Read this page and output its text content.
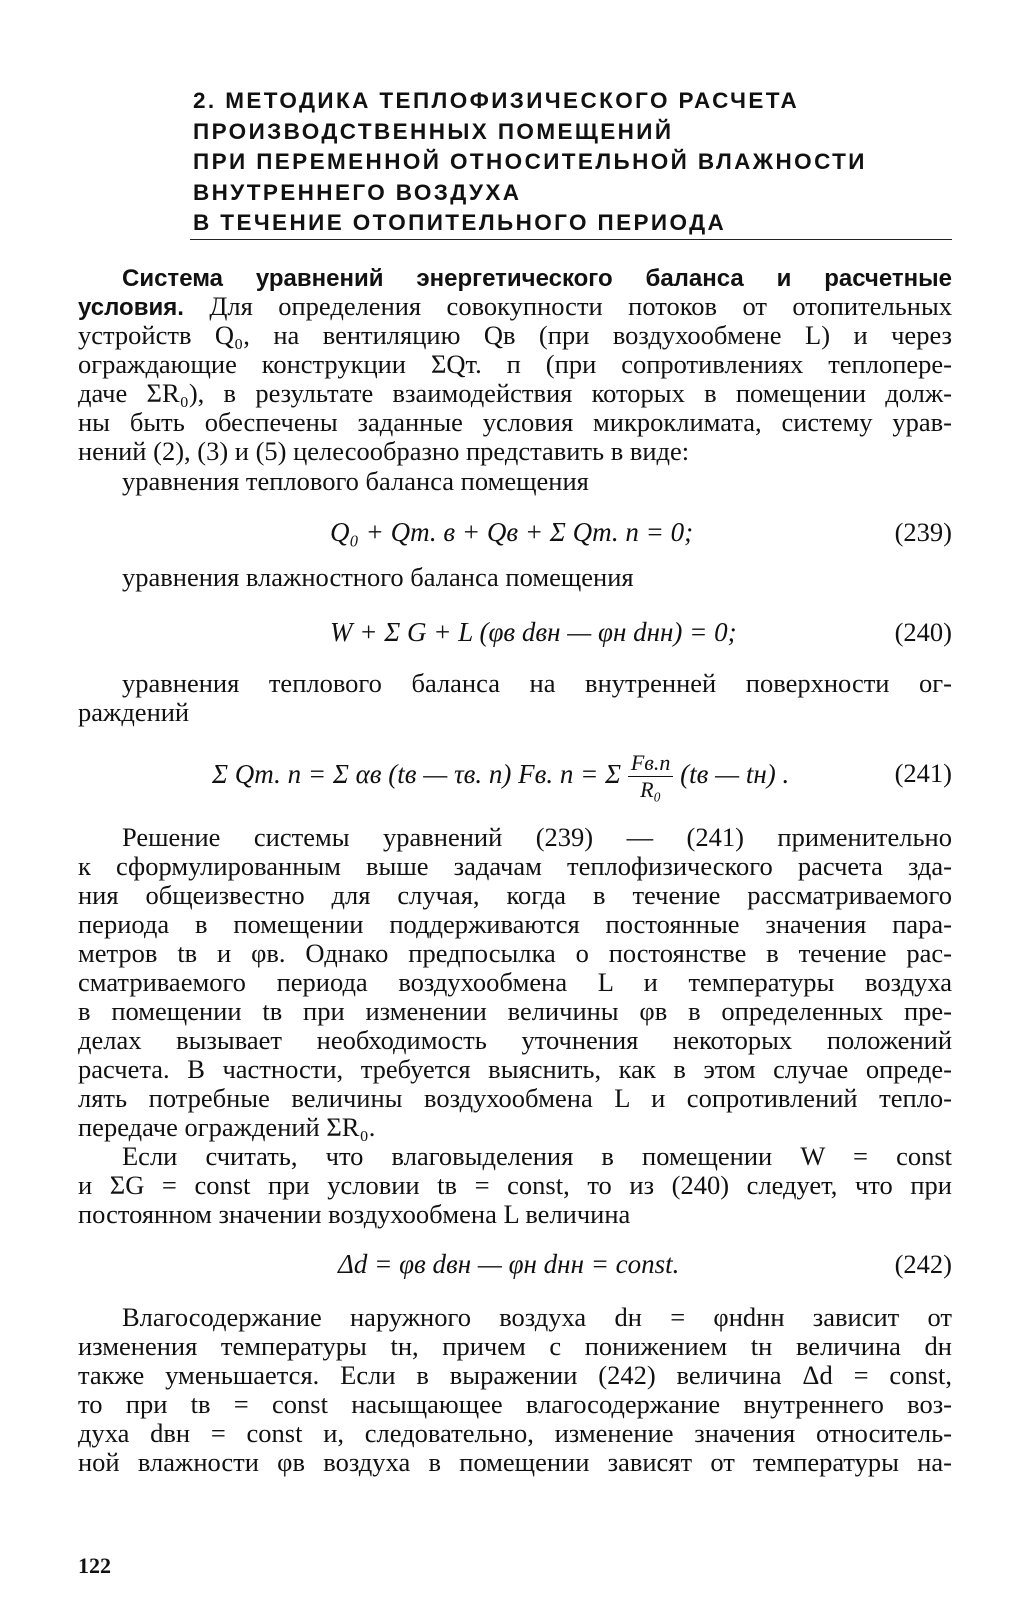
2. МЕТОДИКА ТЕПЛОФИЗИЧЕСКОГО РАСЧЕТА
ПРОИЗВОДСТВЕННЫХ ПОМЕЩЕНИЙ
ПРИ ПЕРЕМЕННОЙ ОТНОСИТЕЛЬНОЙ ВЛАЖНОСТИ
ВНУТРЕННЕГО ВОЗДУХА
В ТЕЧЕНИЕ ОТОПИТЕЛЬНОГО ПЕРИОДА
Система уравнений энергетического баланса и расчетные
условия. Для определения совокупности потоков от отопительных
устройств Q₀, на вентиляцию Qв (при воздухообмене L) и через
ограждающие конструкции ΣQт. п (при сопротивлениях теплопере-
даче ΣR₀), в результате взаимодействия которых в помещении долж-
ны быть обеспечены заданные условия микроклимата, систему урав-
нений (2), (3) и (5) целесообразно представить в виде:
уравнения теплового баланса помещения
Q₀ + Qт. в + Qв + Σ Qт. п = 0;	(239)
уравнения влажностного баланса помещения
W + Σ G + L (φв dвн — φн dнн) = 0;	(240)
уравнения теплового баланса на внутренней поверхности ог-
раждений
Σ Qт. п = Σ αв (tв — τв. п) Fв. п = Σ $\frac{Fв.п}{\text{R₀}} (tв$ — tн) .	(241)
Решение системы уравнений (239) — (241) применительно
к сформулированным выше задачам теплофизического расчета зда-
ния общеизвестно для случая, когда в течение рассматриваемого
периода в помещении поддерживаются постоянные значения пара-
метров tв и φв. Однако предпосылка о постоянстве в течение рас-
сматриваемого периода воздухообмена L и температуры воздуха
в помещении tв при изменении величины φв в определенных пре-
делах вызывает необходимость уточнения некоторых положений
расчета. В частности, требуется выяснить, как в этом случае опреде-
лять потребные величины воздухообмена L и сопротивлений тепло-
передаче ограждений ΣR₀.
Если считать, что влаговыделения в помещении W = const
и ΣG = const при условии tв = const, то из (240) следует, что при
постоянном значении воздухообмена L величина
Δd = φв dвн — φн dнн = const.	(242)
Влагосодержание наружного воздуха dн = φнdнн зависит от
изменения температуры tн, причем с понижением tн величина dн
также уменьшается. Если в выражении (242) величина Δd = const,
то при tв = const насыщающее влагосодержание внутреннего воз-
духа dвн = const и, следовательно, изменение значения относитель-
ной влажности φв воздуха в помещении зависят от температуры на-
122
